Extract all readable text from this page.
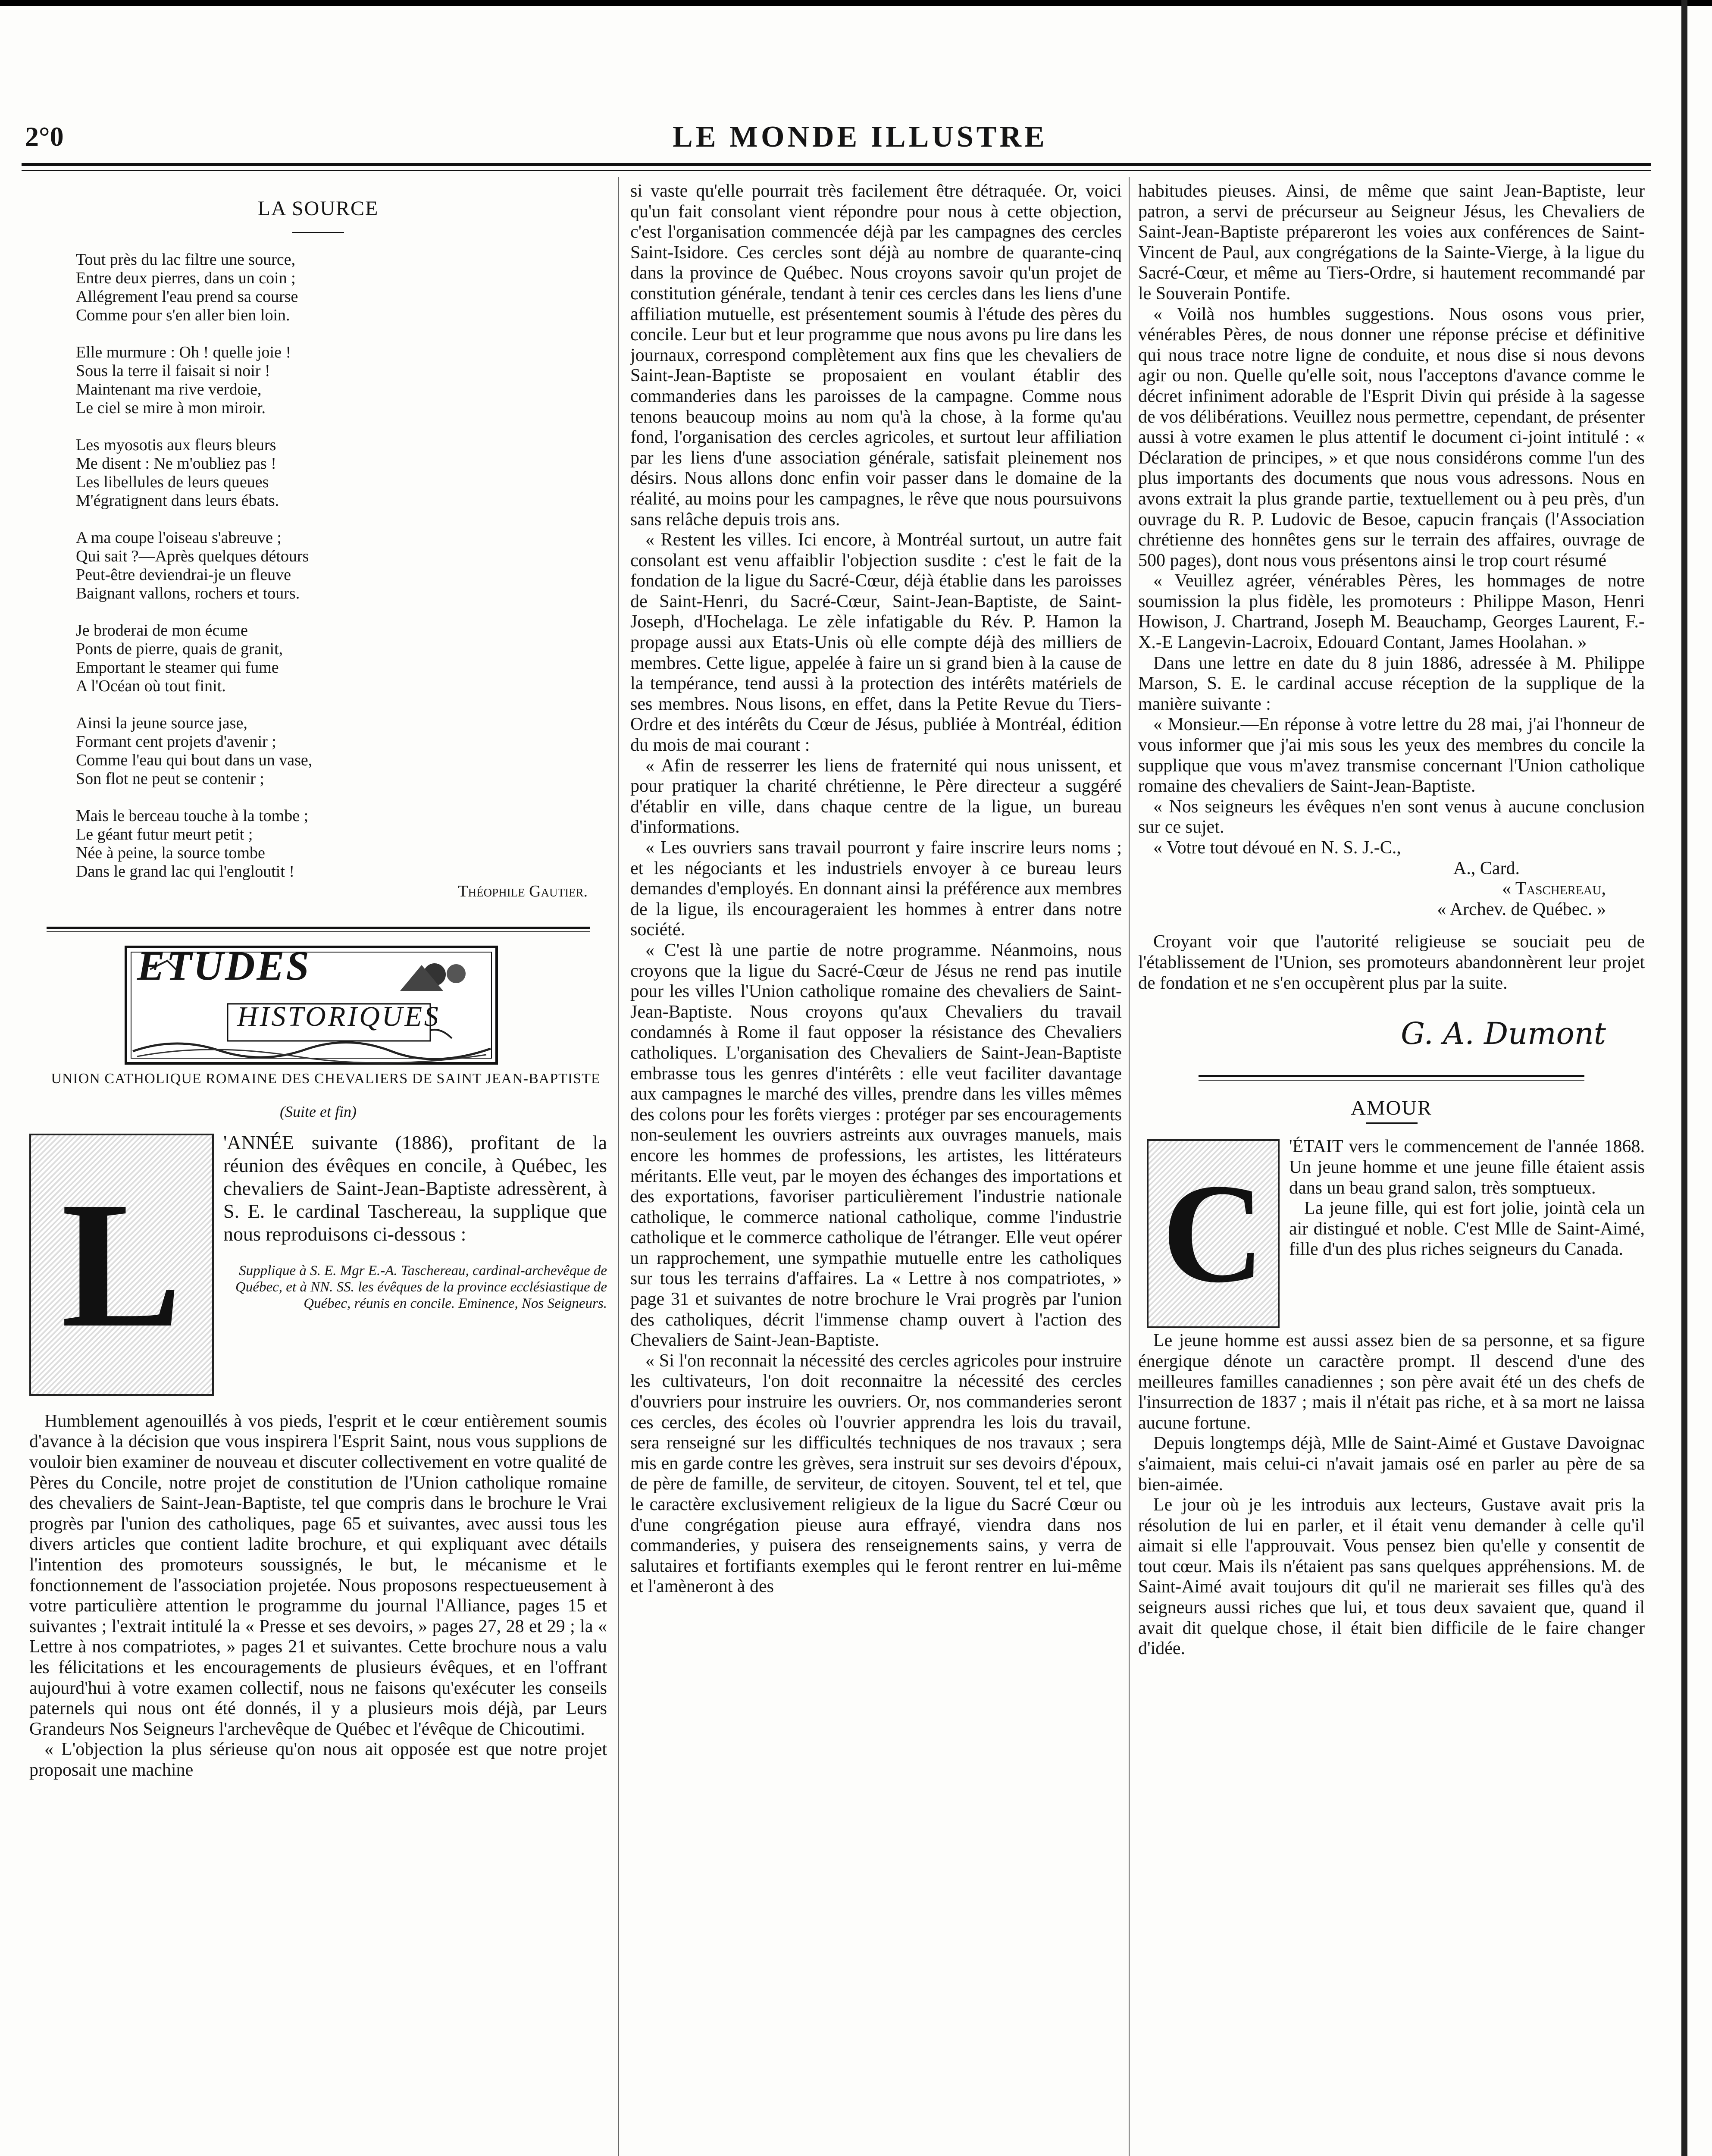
2°0	LE MONDE ILLUSTRE
LA SOURCE
Tout près du lac filtre une source,
Entre deux pierres, dans un coin ;
Allégrement l'eau prend sa course
Comme pour s'en aller bien loin.
Elle murmure : Oh ! quelle joie !
Sous la terre il faisait si noir !
Maintenant ma rive verdoie,
Le ciel se mire à mon miroir.
Les myosotis aux fleurs bleurs
Me disent : Ne m'oubliez pas !
Les libellules de leurs queues
M'égratignent dans leurs ébats.
A ma coupe l'oiseau s'abreuve ;
Qui sait ?—Après quelques détours
Peut-être deviendrai-je un fleuve
Baignant vallons, rochers et tours.
Je broderai de mon écume
Ponts de pierre, quais de granit,
Emportant le steamer qui fume
A l'Océan où tout finit.
Ainsi la jeune source jase,
Formant cent projets d'avenir ;
Comme l'eau qui bout dans un vase,
Son flot ne peut se contenir ;
Mais le berceau touche à la tombe ;
Le géant futur meurt petit ;
Née à peine, la source tombe
Dans le grand lac qui l'engloutit !
Théophile Gautier.
ETUDES
HISTORIQUES

UNION CATHOLIQUE ROMAINE DES CHEVALIERS DE SAINT JEAN-BAPTISTE

(Suite et fin)

L

'ANNÉE suivante (1886), profitant de la réunion des évêques en concile, à Québec, les chevaliers de Saint-Jean-Baptiste adressèrent, à S. E. le cardinal Taschereau, la supplique que nous reproduisons ci-dessous :

Supplique à S. E. Mgr E.-A. Taschereau, cardinal-archevêque de Québec, et à NN. SS. les évêques de la province ecclésiastique de Québec, réunis en concile. Eminence, Nos Seigneurs.

Humblement agenouillés à vos pieds, l'esprit et le cœur entièrement soumis d'avance à la décision que vous inspirera l'Esprit Saint, nous vous supplions de vouloir bien examiner de nouveau et discuter collectivement en votre qualité de Pères du Concile, notre projet de constitution de l'Union catholique romaine des chevaliers de Saint-Jean-Baptiste, tel que compris dans le brochure le Vrai progrès par l'union des catholiques, page 65 et suivantes, avec aussi tous les divers articles que contient ladite brochure, et qui expliquant avec détails l'intention des promoteurs soussignés, le but, le mécanisme et le fonctionnement de l'association projetée. Nous proposons respectueusement à votre particulière attention le programme du journal l'Alliance, pages 15 et suivantes ; l'extrait intitulé la « Presse et ses devoirs, » pages 27, 28 et 29 ; la « Lettre à nos compatriotes, » pages 21 et suivantes. Cette brochure nous a valu les félicitations et les encouragements de plusieurs évêques, et en l'offrant aujourd'hui à votre examen collectif, nous ne faisons qu'exécuter les conseils paternels qui nous ont été donnés, il y a plusieurs mois déjà, par Leurs Grandeurs Nos Seigneurs l'archevêque de Québec et l'évêque de Chicoutimi.

« L'objection la plus sérieuse qu'on nous ait opposée est que notre projet proposait une machine

si vaste qu'elle pourrait très facilement être détraquée. Or, voici qu'un fait consolant vient répondre pour nous à cette objection, c'est l'organisation commencée déjà par les campagnes des cercles Saint-Isidore. Ces cercles sont déjà au nombre de quarante-cinq dans la province de Québec. Nous croyons savoir qu'un projet de constitution générale, tendant à tenir ces cercles dans les liens d'une affiliation mutuelle, est présentement soumis à l'étude des pères du concile. Leur but et leur programme que nous avons pu lire dans les journaux, correspond complètement aux fins que les chevaliers de Saint-Jean-Baptiste se proposaient en voulant établir des commanderies dans les paroisses de la campagne. Comme nous tenons beaucoup moins au nom qu'à la chose, à la forme qu'au fond, l'organisation des cercles agricoles, et surtout leur affiliation par les liens d'une association générale, satisfait pleinement nos désirs. Nous allons donc enfin voir passer dans le domaine de la réalité, au moins pour les campagnes, le rêve que nous poursuivons sans relâche depuis trois ans.

« Restent les villes. Ici encore, à Montréal surtout, un autre fait consolant est venu affaiblir l'objection susdite : c'est le fait de la fondation de la ligue du Sacré-Cœur, déjà établie dans les paroisses de Saint-Henri, du Sacré-Cœur, Saint-Jean-Baptiste, de Saint-Joseph, d'Hochelaga. Le zèle infatigable du Rév. P. Hamon la propage aussi aux Etats-Unis où elle compte déjà des milliers de membres. Cette ligue, appelée à faire un si grand bien à la cause de la tempérance, tend aussi à la protection des intérêts matériels de ses membres. Nous lisons, en effet, dans la Petite Revue du Tiers-Ordre et des intérêts du Cœur de Jésus, publiée à Montréal, édition du mois de mai courant :

« Afin de resserrer les liens de fraternité qui nous unissent, et pour pratiquer la charité chrétienne, le Père directeur a suggéré d'établir en ville, dans chaque centre de la ligue, un bureau d'informations.

« Les ouvriers sans travail pourront y faire inscrire leurs noms ; et les négociants et les industriels envoyer à ce bureau leurs demandes d'employés. En donnant ainsi la préférence aux membres de la ligue, ils encourageraient les hommes à entrer dans notre société.

« C'est là une partie de notre programme. Néanmoins, nous croyons que la ligue du Sacré-Cœur de Jésus ne rend pas inutile pour les villes l'Union catholique romaine des chevaliers de Saint-Jean-Baptiste. Nous croyons qu'aux Chevaliers du travail condamnés à Rome il faut opposer la résistance des Chevaliers catholiques. L'organisation des Chevaliers de Saint-Jean-Baptiste embrasse tous les genres d'intérêts : elle veut faciliter davantage aux campagnes le marché des villes, prendre dans les villes mêmes des colons pour les forêts vierges : protéger par ses encouragements non-seulement les ouvriers astreints aux ouvrages manuels, mais encore les hommes de professions, les artistes, les littérateurs méritants. Elle veut, par le moyen des échanges des importations et des exportations, favoriser particulièrement l'industrie nationale catholique, le commerce national catholique, comme l'industrie catholique et le commerce catholique de l'étranger. Elle veut opérer un rapprochement, une sympathie mutuelle entre les catholiques sur tous les terrains d'affaires. La « Lettre à nos compatriotes, » page 31 et suivantes de notre brochure le Vrai progrès par l'union des catholiques, décrit l'immense champ ouvert à l'action des Chevaliers de Saint-Jean-Baptiste.

« Si l'on reconnait la nécessité des cercles agricoles pour instruire les cultivateurs, l'on doit reconnaitre la nécessité des cercles d'ouvriers pour instruire les ouvriers. Or, nos commanderies seront ces cercles, des écoles où l'ouvrier apprendra les lois du travail, sera renseigné sur les difficultés techniques de nos travaux ; sera mis en garde contre les grèves, sera instruit sur ses devoirs d'époux, de père de famille, de serviteur, de citoyen. Souvent, tel et tel, que le caractère exclusivement religieux de la ligue du Sacré Cœur ou d'une congrégation pieuse aura effrayé, viendra dans nos commanderies, y puisera des renseignements sains, y verra de salutaires et fortifiants exemples qui le feront rentrer en lui-même et l'amèneront à des

habitudes pieuses. Ainsi, de même que saint Jean-Baptiste, leur patron, a servi de précurseur au Seigneur Jésus, les Chevaliers de Saint-Jean-Baptiste prépareront les voies aux conférences de Saint-Vincent de Paul, aux congrégations de la Sainte-Vierge, à la ligue du Sacré-Cœur, et même au Tiers-Ordre, si hautement recommandé par le Souverain Pontife.

« Voilà nos humbles suggestions. Nous osons vous prier, vénérables Pères, de nous donner une réponse précise et définitive qui nous trace notre ligne de conduite, et nous dise si nous devons agir ou non. Quelle qu'elle soit, nous l'acceptons d'avance comme le décret infiniment adorable de l'Esprit Divin qui préside à la sagesse de vos délibérations. Veuillez nous permettre, cependant, de présenter aussi à votre examen le plus attentif le document ci-joint intitulé : « Déclaration de principes, » et que nous considérons comme l'un des plus importants des documents que nous vous adressons. Nous en avons extrait la plus grande partie, textuellement ou à peu près, d'un ouvrage du R. P. Ludovic de Besoe, capucin français (l'Association chrétienne des honnêtes gens sur le terrain des affaires, ouvrage de 500 pages), dont nous vous présentons ainsi le trop court résumé

« Veuillez agréer, vénérables Pères, les hommages de notre soumission la plus fidèle, les promoteurs : Philippe Mason, Henri Howison, J. Chartrand, Joseph M. Beauchamp, Georges Laurent, F.-X.-E Langevin-Lacroix, Edouard Contant, James Hoolahan. »

Dans une lettre en date du 8 juin 1886, adressée à M. Philippe Marson, S. E. le cardinal accuse réception de la supplique de la manière suivante :

« Monsieur.—En réponse à votre lettre du 28 mai, j'ai l'honneur de vous informer que j'ai mis sous les yeux des membres du concile la supplique que vous m'avez transmise concernant l'Union catholique romaine des chevaliers de Saint-Jean-Baptiste.

« Nos seigneurs les évêques n'en sont venus à aucune conclusion sur ce sujet.

« Votre tout dévoué en N. S. J.-C.,

A., Card.

« Taschereau,

« Archev. de Québec. »

Croyant voir que l'autorité religieuse se souciait peu de l'établissement de l'Union, ses promoteurs abandonnèrent leur projet de fondation et ne s'en occupèrent plus par la suite.

G. A. Dumont
AMOUR
C

'ÉTAIT vers le commencement de l'année 1868. Un jeune homme et une jeune fille étaient assis dans un beau grand salon, très somptueux.

La jeune fille, qui est fort jolie, jointà cela un air distingué et noble. C'est Mlle de Saint-Aimé, fille d'un des plus riches seigneurs du Canada.

Le jeune homme est aussi assez bien de sa personne, et sa figure énergique dénote un caractère prompt. Il descend d'une des meilleures familles canadiennes ; son père avait été un des chefs de l'insurrection de 1837 ; mais il n'était pas riche, et à sa mort ne laissa aucune fortune.

Depuis longtemps déjà, Mlle de Saint-Aimé et Gustave Davoignac s'aimaient, mais celui-ci n'avait jamais osé en parler au père de sa bien-aimée.

Le jour où je les introduis aux lecteurs, Gustave avait pris la résolution de lui en parler, et il était venu demander à celle qu'il aimait si elle l'approuvait. Vous pensez bien qu'elle y consentit de tout cœur. Mais ils n'étaient pas sans quelques appréhensions. M. de Saint-Aimé avait toujours dit qu'il ne marierait ses filles qu'à des seigneurs aussi riches que lui, et tous deux savaient que, quand il avait dit quelque chose, il était bien difficile de le faire changer d'idée.
